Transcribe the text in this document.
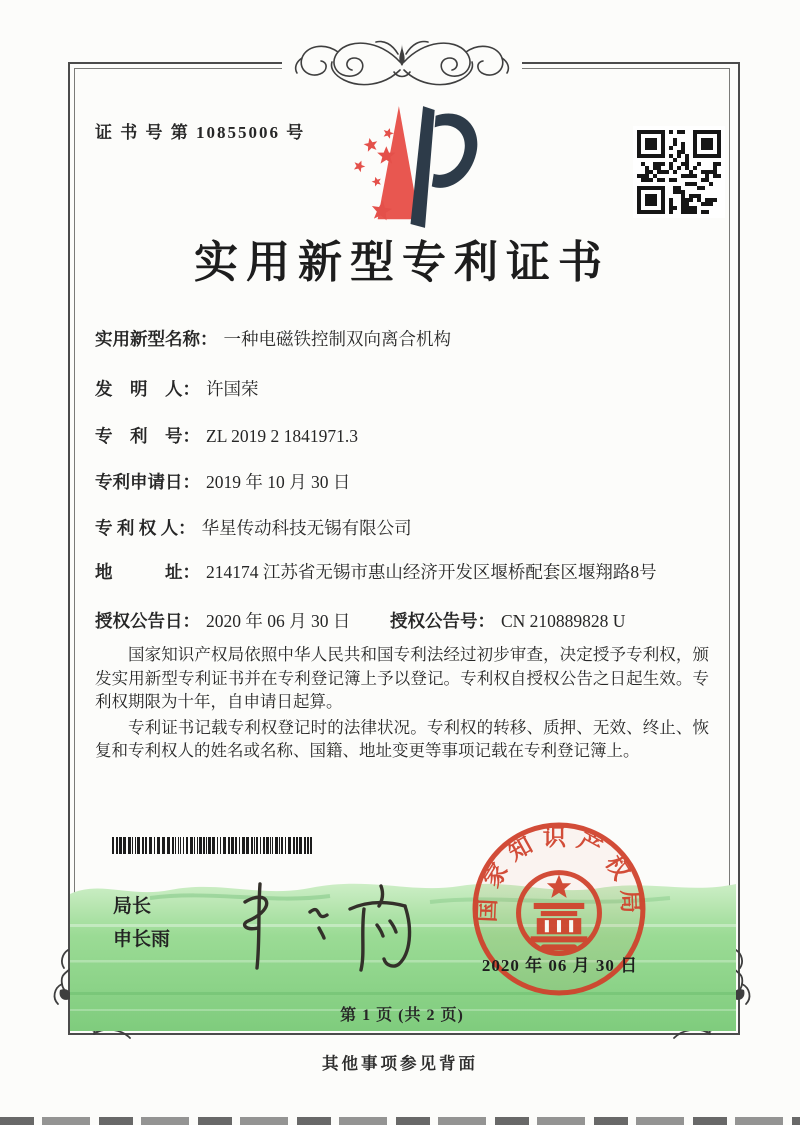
证 书 号 第 10855006 号
实用新型专利证书
实用新型名称： 一种电磁铁控制双向离合机构
发　明　人： 许国荣
专　利　号： ZL 2019 2 1841971.3
专利申请日： 2019 年 10 月 30 日
专 利 权 人： 华星传动科技无锡有限公司
地　　　址： 214174 江苏省无锡市惠山经济开发区堰桥配套区堰翔路8号
授权公告日： 2020 年 06 月 30 日 授权公告号： CN 210889828 U

国家知识产权局依照中华人民共和国专利法经过初步审查，决定授予专利权，颁发实用新型专利证书并在专利登记簿上予以登记。专利权自授权公告之日起生效。专利权期限为十年，自申请日起算。

专利证书记载专利权登记时的法律状况。专利权的转移、质押、无效、终止、恢复和专利权人的姓名或名称、国籍、地址变更等事项记载在专利登记簿上。

局长
申长雨
国家知识产权局
2020 年 06 月 30 日
第 1 页 (共 2 页)
其他事项参见背面
